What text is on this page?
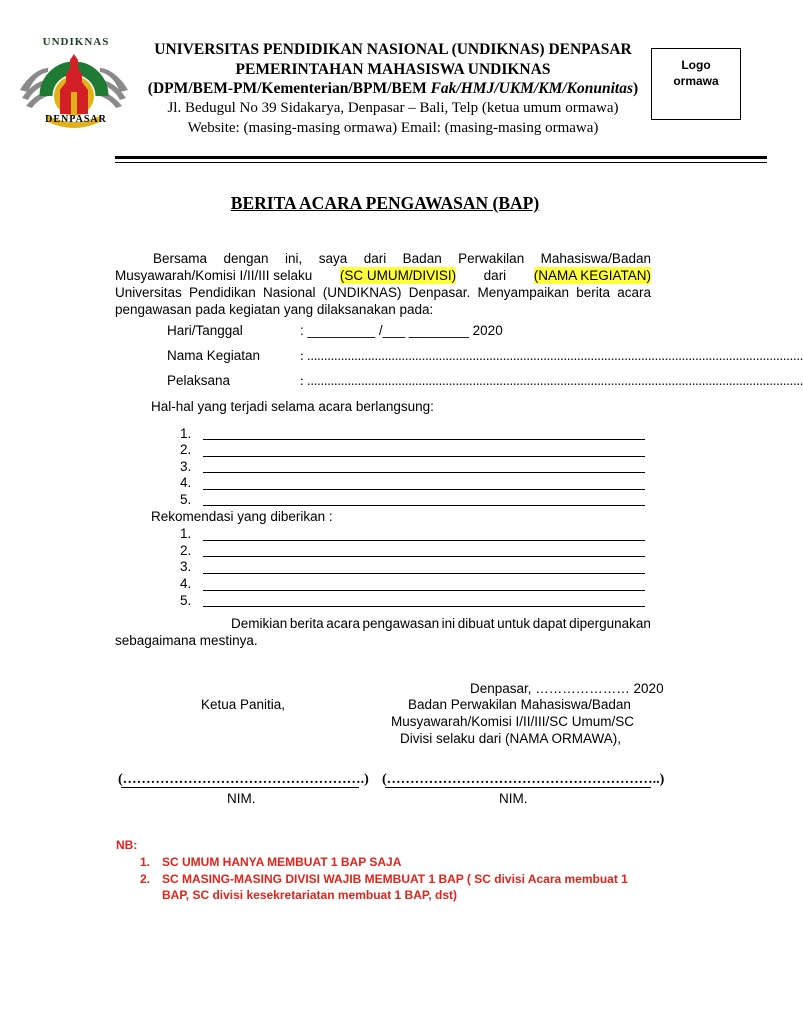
UNDIKNAS
DENPASAR
UNIVERSITAS PENDIDIKAN NASIONAL (UNDIKNAS) DENPASAR
PEMERINTAHAN MAHASISWA UNDIKNAS
(DPM/BEM-PM/Kementerian/BPM/BEM Fak/HMJ/UKM/KM/Konunitas)
Jl. Bedugul No 39 Sidakarya, Denpasar – Bali, Telp (ketua umum ormawa)
Website: (masing-masing ormawa) Email: (masing-masing ormawa)
Logo
ormawa
BERITA ACARA PENGAWASAN (BAP)
Bersama dengan ini, saya dari Badan Perwakilan Mahasiswa/Badan
Musyawarah/Komisi I/II/III selaku (SC UMUM/DIVISI) dari (NAMA KEGIATAN)
Universitas Pendidikan Nasional (UNDIKNAS) Denpasar. Menyampaikan berita acara
pengawasan pada kegiatan yang dilaksanakan pada:
Hari/Tanggal	: _________ /___ ________ 2020
Nama Kegiatan	: ...................................................................................................................................................
Pelaksana	: ...................................................................................................................................................
Hal-hal yang terjadi selama acara berlangsung:
1.
2.
3.
4.
5.
Rekomendasi yang diberikan :
1.
2.
3.
4.
5.
Demikian berita acara pengawasan ini dibuat untuk dapat dipergunakan
sebagaimana mestinya.
Denpasar, ………………… 2020
Ketua Panitia,	Badan Perwakilan Mahasiswa/Badan
Musyawarah/Komisi I/II/III/SC Umum/SC
Divisi selaku dari (NAMA ORMAWA),
(…………………………………………….) (…………………………………………………..)
NIM.	NIM.
NB:
1. SC UMUM HANYA MEMBUAT 1 BAP SAJA
2. SC MASING-MASING DIVISI WAJIB MEMBUAT 1 BAP ( SC divisi Acara membuat 1
BAP, SC divisi kesekretariatan membuat 1 BAP, dst)
